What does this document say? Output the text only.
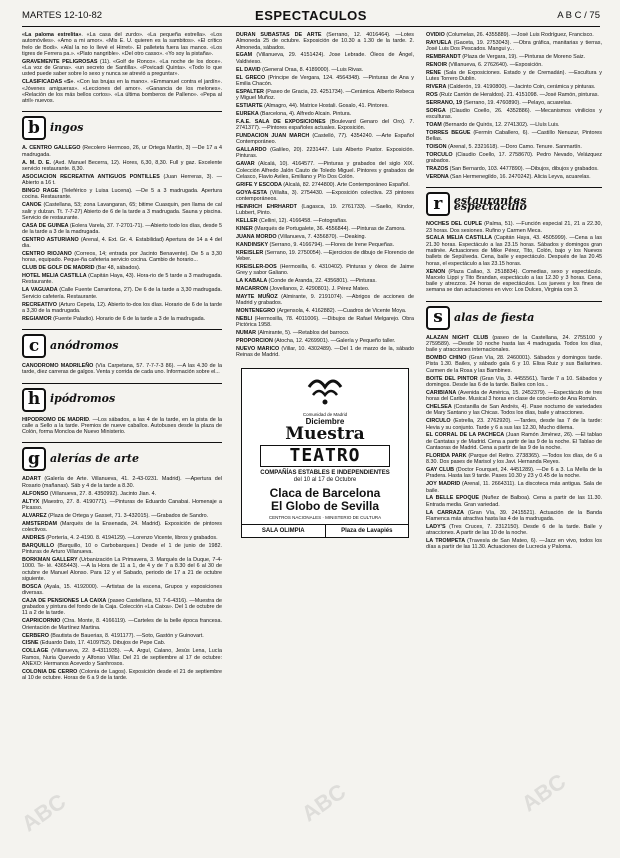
MARTES 12-10-82	ESPECTACULOS	A B C / 75

«La paloma estrelita». «La casa del zurdo». «La pequeña estrella». «Los automóviles». «Amo a mi amor». «Mis E. U. quieren es la sambitos». «El crítico frelo de Bodi». «Alal la no lo llevé el Hirret». El palleteta fuera las manos. «Los tigres de Ferrera pa.». «Plato nangrible». «Del otro casso». «Yo soy la pistaña».

GRAVEMENTE PELIGROSAS (11). «Golf de Ronco». «La noche de los doce». «La voz de Grana». «un secreto de Santilla». «Povicadi Quinta». «Todo lo que usted puede saber sobre lo sexo y nunca se atrevió a preguntar».

CLASIFICADAS «S». «Con las brujas en la mano». «Emmanuel contra el jardín». «Jóvenes amigueras». «Lecciones del amor». «Ganancia de los melones». «Relación de los más bellos cortos». «La última bomberos de Palleno». «Pepa al atril» nuevos.

b ingos

A. CENTRO GALLEGO (Recolero Hermoso, 26, ur Ortega Martín, 3) —De 17 a 4 madrugada.

A. M. D. E. (Avd. Manuel Becerra, 12). Hores, 6,30, 8,30. Full y gaz. Excelente servicio restaurante. 8,30.

ASOCIACION RECREATIVA ANTIGUOS PONTILLES (Juan Herreras, 3). —Abierto a 16 t.

BINGO RAGE (Teleférico y Luisa Lucena). —De 5 a 3 madrugada. Apertura cocina. Restaurante.

CANOE (Castellana, 53; zona Lavangaran, 65; bitime Cuasquin, pen llama de cal salir y dulzan. Tt. 7-7-27) Abierto de 6 de la tarde a 3 madrugada. Sauna y piscina. Servicio de restaurante.

CASA DE GUINEA (Eolera Varela, 37. 7-2701-71). —Abierto todo los días, desde 5 de la tarde a 3 de la madrugada.

CENTRO ASTURIANO (Arenal, 4. Ext. Gr. 4. Estabilidad) Apertura de 14 a 4 del dia.

CENTRO RIOJANO (Correos, 14; entrada por Jacinto Benavente). De 5 a 3,30 horas, equipado. Peque-ña cafeteria servicio cocina. Cambio de horario...

CLUB DE GOLF DE MADRID (Bar 48, sábados).

HOTEL MELIA CASTILLA (Capitán Haya, 43). Hora-rio de 5 tarde a 3 madrugada. Restaurante.

LA VAGUADA (Calle Fuente Carrantona, 27). De 6 de la tarde a 3,30 madrugada. Servicio cafetería. Restaurante.

RECREATIVO (Arturo Cepeta, 12). Abierto to-dos los días. Horario de 6 de la tarde a 3,30 de la madrugada.

REGIAMOR (Fuente Paladio). Horario de 6 de la tarde a 3 de la madrugada.

c anódromos

CANODROMO MADRILEÑO (Vía Carpetana, 57. 7-7-7-3 86). —A las 4.30 de la tarde, diez carreras de galgos. Venta y corrida de cada uno. Información sobre el...

h ipódromos

HIPODROMO DE MADRID. —Los sábados, a las 4 de la tarde, en la pista de la calle a Sello a la tarde. Premios de nueve caballos. Autobuses desde la plaza de Colón, forma Moncloa de Nuevo Ministerio.

g alerías de arte

ADART (Galería de Arte. Villanueva, 41. 2-43-0231. Madrid). —Apertura del Rosario (mañanas). Sáb y 4 de la tarde a 8.30.

ALFONSO (Villanueva, 27. 8. 4350992). Jacinto Jian. 4.

ALTYX (Maestro, 27. 8. 4190771). —Pinturas de Eduardo Canabai. Homenaje a Picasso.

ALVAREZ (Plaza de Ortega y Gasset, 71. 3-432015). —Grabados de Sandro.

AMSTERDAM (Marqués de la Ensenada, 24. Madrid). Exposición de pintores colectivos.

ANDRES (Portería, 4. 2-4190. 8. 4194129). —Lorenzo Vicente, libros y grabados.

BARQUILLO (Barquillo, 10 o Carbobarques.) Desde el 1 de junio de 1982. Pinturas de Arturo Villanueva.

BORKMAN GALLERY (Urbanización La Primavera, 3. Marqués de la Duque, 7-4-1000. Te- lé. 4365443). —A la Hora de 11 a 1, de 4 y de 7 a 8.30 del 6 al 30 de octubre de Manuel Alonso. Para 12 y el Sabado, periodo de 17 a 21 de octubre siguiente.

BOSCA (Ayala, 15. 4192000). —Artistas de la escena, Grupos y exposiciones diversas.

CAJA DE PENSIONES LA CAIXA (paseo Castellana, 51 7-6-4316). —Muestra de grabados y pintura del fondo de la Caja. Colección «La Caixa». Del 1 de octubre de 11 a 2 de la tarde.

CAPRICORNIO (Ctra. Monte, 8. 4166119). —Carteles de la belle época francesa. Orientación de Martínez Martina.

CERBERO (Bautista de Bauerias, 8. 4191177). —Soto, Gastón y Guinovart.

CISNE (Eduardo Dato, 17. 4109752). Dibujos de Pepe Cab.

COLLAGE (Villanueva, 22. 8-4311935). —A. Arguí, Calano, Jesús Lena, Lucía Ramos, Nuria Quevedo y Alfonso Villar. Del 21 de septiembre al 17 de octubre: ANEXO: Hermanos Acevedo y Sanhrosos.

COLONIA DE CERRO (Colonia de Lagos). Exposición desde el 21 de septiembre al 10 de octubre. Horas de 6 a 9 de la tarde.

DURAN SUBASTAS DE ARTE (Serrano, 12. 4016464). —Lotes Almoneda 25 de octubre. Exposición de 10.30 a 1.30 de la tarde. 2. Almoneda, sábados.

EGAM (Villanueva, 29. 4151424). Jose Lebrade. Óleos de Ángel, Valdivieso.

EL DAVID (General Oraa, 8. 4189000). —Luis Rivas.

EL GRECO (Principe de Vergara, 124. 4564348). —Pinturas de Ana y Emilia Chacón.

ESPALTER (Paseo de Gracia, 23. 4251734). —Cerámica. Alberto Rebeca y Miguel Muñoz.

ESTIARTE (Almagro, 44). Matrice Hostali. Gosalo, 41. Pintores.

EUREKA (Barcelona, 4). Alfredo Alcain. Pintura.

F.A.E. SALA DE EXPOSICIONES (Boulevard Genaro del Oro). 7. 2741377). —Pintores españoles actuales. Exposición.

FUNDACION JUAN MARCH (Castelló, 77). 4354240. —Arte Español Contemporáneo.

GALLARDO (Galileo, 20). 2231447. Luis Alberto Pastor. Exposición. Pinturas.

GAVAR (Alcalá, 10). 4164577. —Pinturas y grabados del siglo XIX. Colección Alfredo Jalón Cauto de Toledo Miguel. Pintores y grabados de Celasco, Flavio Aviles, Emiliano y Pío Dos Colón.

GRIFE Y ESCODA (Alcalá, 82. 2744800). Arte Contemporáneo Español.

GOYA-ESTA (Villalta, 3). 2754430. —Exposición colectiva. 23 pintores contemporáneos.

HEINRICH EHRHARDT (Lagasca, 19. 2761733). —Saelio, Kindor, Lubbert, Pinto.

KELLER (Cellini, 12). 4166458. —Fotografías.

KINER (Marqués de Portugalete, 36. 4556844). —Pinturas de Zamora.

JUANA MORDO (Villanueva, 7. 4356870). —Deaking.

KANDINSKY (Serrano, 9. 4166794). —Flores de Irene Pequeñas.

KREISLER (Serrano, 19. 2750054). —Ejercicios de dibujo de Florencio de Veber.

KREISLER-DOS (Hermosilla, 6. 4310402). Pinturas y óleos de Jaime Grey y sabor Galiano.

LA KABALA (Conde de Aranda, 22. 4356801). —Pinturas.

MACARRON (Jovellanos, 2. 4290801). J. Pérez Mateo.

MAYTE MUÑOZ (Almirante, 9. 2191074). —Abrigos de acciones de Madrid y grabados.

MONTENEGRO (Argensola, 4. 4162882). —Cuadros de Vicente Moya.

NEBLI (Hermosilla, 78. 4011006). —Dibujos de Rafael Melgarejo. Obra Pictórica 1958.

NUMAR (Almirante, 5). —Retablos del barroco.

PROPORCION (Atocha, 12. 4269901). —Galería y Pequeño taller.

NUEVO MARICO (Villar, 10. 4302489). —Del 1 de marzo de la, sábado Reinas de Madrid.

Comunidad de Madrid
Diciembre
Muestra
TEATRO
COMPAÑÍAS ESTABLES E INDEPENDIENTES
del 10 al 17 de Octubre
Claca de Barcelona
El Globo de Sevilla
CENTROS NACIONALES · MINISTERIO DE CULTURA
SALA OLIMPIA	Plaza de Lavapiés

OVIDIO (Columelas, 26. 4355889). —José Luis Rodríguez, Francisco.

RAYUELA (Gaceta, 19. 2753043). —Obra gráfica, manitarias y tierras, José Luis Dos Pescados. Mangui y...

REMBRANDT (Plaza de Vergara, 19). —Pinturas de Moreno Saiz.

RENOIR (Villanueva, 6. 2762640). —Exposición.

RENE (Sala de Exposiciones. Estado y de Cremadán). —Escultura y Lutes Torrero Dublin.

RIVERA (Calderón, 19. 4190800). —Jacinto Coin, cerámica y pinturas.

ROS (Ruíz Carrión de Heraldos). 21. 4151098. —José Ramón, pinturas.

SERRANO, 19 (Serrano, 19. 4760890). —Pelayo, acuarelas.

SORGA (Claudio Coello, 26. 4352886). —Mecanismos vinilicios y esculturas.

TOAM (Bernardo de Quirós, 12. 2741302). —Lluís Luis.

TORRES BEGUE (Fermín Caballero, 6). —Castillo Nenuzur, Pintores Bellas.

TOISON (Arenal, 5. 2321618). —Doro Camo. Tenure. Sanmartín.

TORCULO (Claudio Coello, 17. 2758670). Pedro Nevado, Velázquez grabados.

TRAZOS (San Bernardo, 103. 4477890). —Dibujos, dibujos y grabados.

VERDNA (San Hermenegildo, 16. 2470242). Alicia Leyva, acuarelas.

r	estaurantes espectáculo

NOCHES DEL CUPLE (Palma, 51). —Función especial 21, 21 a 22.30, 23 horas. Dos sesiones. Rufino y Carmen Meca.

SCALA MELIA CASTILLA (Capitán Haya, 43. 4505999). —Cena a las 21.30 horas. Espectáculo a las 23.15 horas. Sábados y domingos gran matinée. Actuaciones de Mike Pérez, Tito, Colón, bajo y los Nuevos ballets de Sepúlveda. Cena, baile y espectáculo. Después de las 20.45 horas, el espectáculo a las 23.15 horas.

XENON (Plaza Callao, 3. 2518834). Comedias, sexo y espectáculo. Marcelo Lippi y Tito Brandan, espectáculo a las 12.30 y 3 horas. Cena, baile y atrezzos. 24 horas de espectáculos. Los jueves y los fines de semana se dan actuaciones en vivo: Los Dulces, Virginia con 3.

s	alas de fiesta

ALAZAN NIGHT CLUB (paseo de la Castellana, 24. 2755100 y 2759589). —Desde 10 noche hasta las 4 madrugada. Todos los días, baile y atracciones internacionales.

BOMBO CHINO (Gran Vía, 28. 2460001). Sábados y domingos tarde. Pista 1.30. Bailes, y sábado gala 6 y 10. Elisa Ruiz y sus Bailarines. Carmen de la Rosa y las Bambines.

BOITE DEL PINTOR (Gran Vía, 3. 4455561). Tarde 7 a 10. Sábados y domingos. Desde las 6 de la tarde. Bailes con los...

CARIBIANA (Avenida de América, 15. 2452379). —Espectáculo de tres horas del Caribe. Musical 3 horas en clase de concierto de Ana Román.

CHELSEA (Costanilla de San Andrés, 4). Pase nocturno de variedades de Mary Santano y las Chicas. Todos los días, baile y atracciones.

CIRCULO (Estrella, 23. 2762920). —Tardes, desde las 7 de la tarde: Hevia y su conjunto. Tarde y 6 a sus las 12.30, Mucho dilema.

EL CORRAL DE LA PACHECA (Juan Ramón Jiménez, 26). —El tablao de Cantatas y de Madrid. Cena a partir de las 9 de la noche. El Tablao de Cantaoras de Madrid. Cena a partir de las 9 de la noche.

FLORIDA PARK (Parque del Retiro. 2738365). —Todos los días, de 6 a 8.30. Dos pases de Marisol y los Javi. Hernanda Reyes.

GAY CLUB (Doctor Fourquet, 24. 4451289). —De 6 a 3. La Mella de la Pradera. Hasta las 9 tarde. Pases 10.30 y 23 y 0.45 de la noche.

JOY MADRID (Arenal, 11. 2664311). La discoteca más antigua. Sala de baile.

LA BELLE EPOQUE (Nuñez de Balboa). Cena a partir de las 11.30. Entrada media. Gran variedad.

LA CARRAZA (Gran Vía, 39. 2415521). Actuación de la Banda Flamenca más atractiva hasta las 4 de la madrugada.

LADY'S (Tres Cruces, 7. 2312150). Desde 6 de la tarde. Baile y atracciones. A partir de las 10 de la noche.

LA TROMPETA (Travesía de San Mateo, 6). —Jazz en vivo, todos los días a partir de las 11.30. Actuaciones de Lucrecia y Paloma.

ABC	ABC	ABC
